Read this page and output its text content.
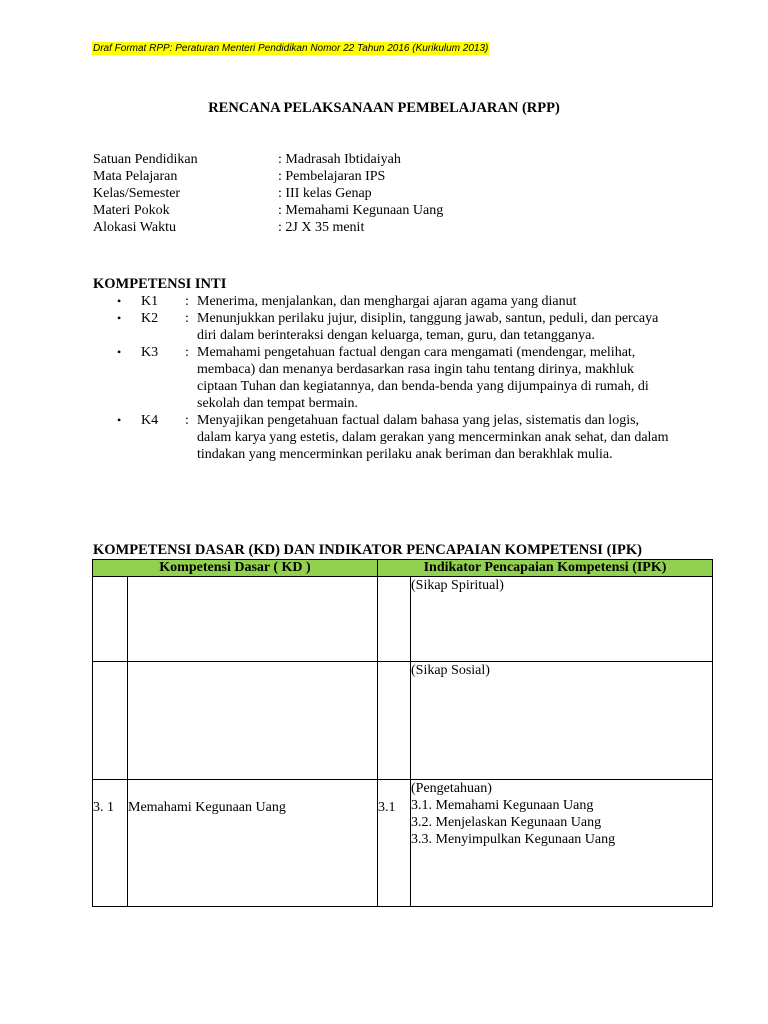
Draf Format RPP: Peraturan Menteri Pendidikan Nomor 22 Tahun 2016 (Kurikulum 2013)
RENCANA PELAKSANAAN PEMBELAJARAN (RPP)
Satuan Pendidikan	: Madrasah Ibtidaiyah
Mata Pelajaran	: Pembelajaran IPS
Kelas/Semester	: III kelas Genap
Materi Pokok	: Memahami Kegunaan Uang
Alokasi Waktu	: 2J X 35 menit
KOMPETENSI INTI
• K1 : Menerima, menjalankan, dan menghargai ajaran agama yang dianut
• K2 : Menunjukkan perilaku jujur, disiplin, tanggung jawab, santun, peduli, dan percaya diri dalam berinteraksi dengan keluarga, teman, guru, dan tetangganya.
• K3 : Memahami pengetahuan factual dengan cara mengamati (mendengar, melihat, membaca) dan menanya berdasarkan rasa ingin tahu tentang dirinya, makhluk ciptaan Tuhan dan kegiatannya, dan benda-benda yang dijumpainya di rumah, di sekolah dan tempat bermain.
• K4 : Menyajikan pengetahuan factual dalam bahasa yang jelas, sistematis dan logis, dalam karya yang estetis, dalam gerakan yang mencerminkan anak sehat, dan dalam tindakan yang mencerminkan perilaku anak beriman dan berakhlak mulia.
KOMPETENSI DASAR (KD) DAN INDIKATOR PENCAPAIAN KOMPETENSI (IPK)
Kompetensi Dasar ( KD )		Indikator Pencapaian Kompetensi (IPK)	

			(Sikap Spiritual)

			(Sikap Sosial)

3. 1	Memahami Kegunaan Uang	3.1	(Pengetahuan)
3.1. Memahami Kegunaan Uang
3.2. Menjelaskan Kegunaan Uang
3.3. Menyimpulkan Kegunaan Uang
